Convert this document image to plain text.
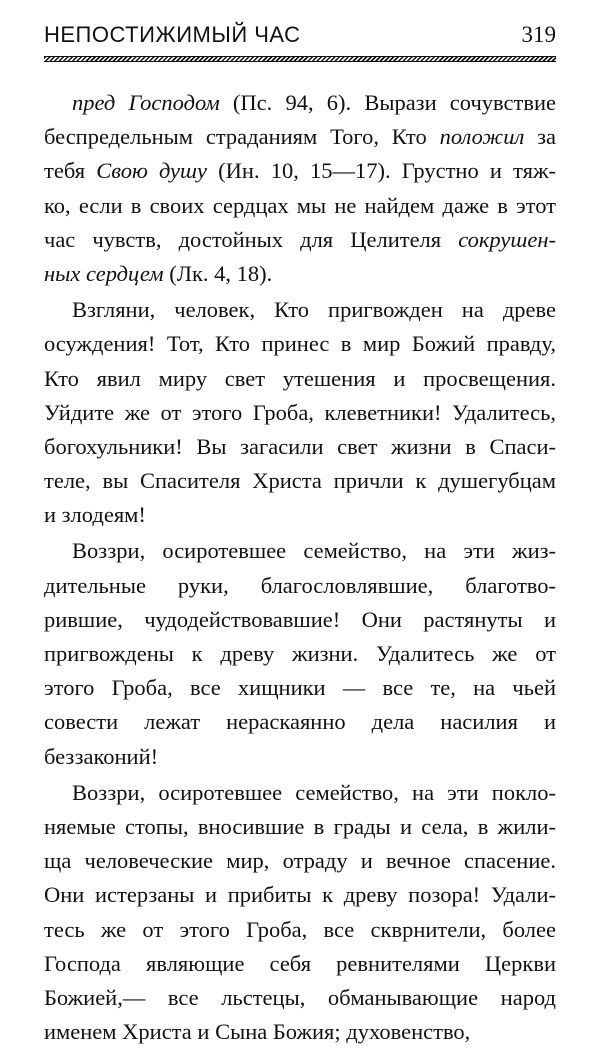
НЕПОСТИЖИМЫЙ ЧАС	319
пред Господом (Пс. 94, 6). Вырази сочувствие
беспредельным страданиям Того, Кто положил за
тебя Свою душу (Ин. 10, 15—17). Грустно и тяж-
ко, если в своих сердцах мы не найдем даже в этот
час чувств, достойных для Целителя сокрушен-
ных сердцем (Лк. 4, 18).
Взгляни, человек, Кто пригвожден на древе
осуждения! Тот, Кто принес в мир Божий правду,
Кто явил миру свет утешения и просвещения.
Уйдите же от этого Гроба, клеветники! Удалитесь,
богохульники! Вы загасили свет жизни в Спаси-
теле, вы Спасителя Христа причли к душегубцам
и злодеям!
Воззри, осиротевшее семейство, на эти жиз-
дительные руки, благословлявшие, благотво-
рившие, чудодействовавшие! Они растянуты и
пригвождены к древу жизни. Удалитесь же от
этого Гроба, все хищники — все те, на чьей
совести лежат нераскаянно дела насилия и
беззаконий!
Воззри, осиротевшее семейство, на эти покло-
няемые стопы, вносившие в грады и села, в жили-
ща человеческие мир, отраду и вечное спасение.
Они истерзаны и прибиты к древу позора! Удали-
тесь же от этого Гроба, все скврнители, более
Господа являющие себя ревнителями Церкви
Божией,— все льстецы, обманывающие народ
именем Христа и Сына Божия; духовенство,
